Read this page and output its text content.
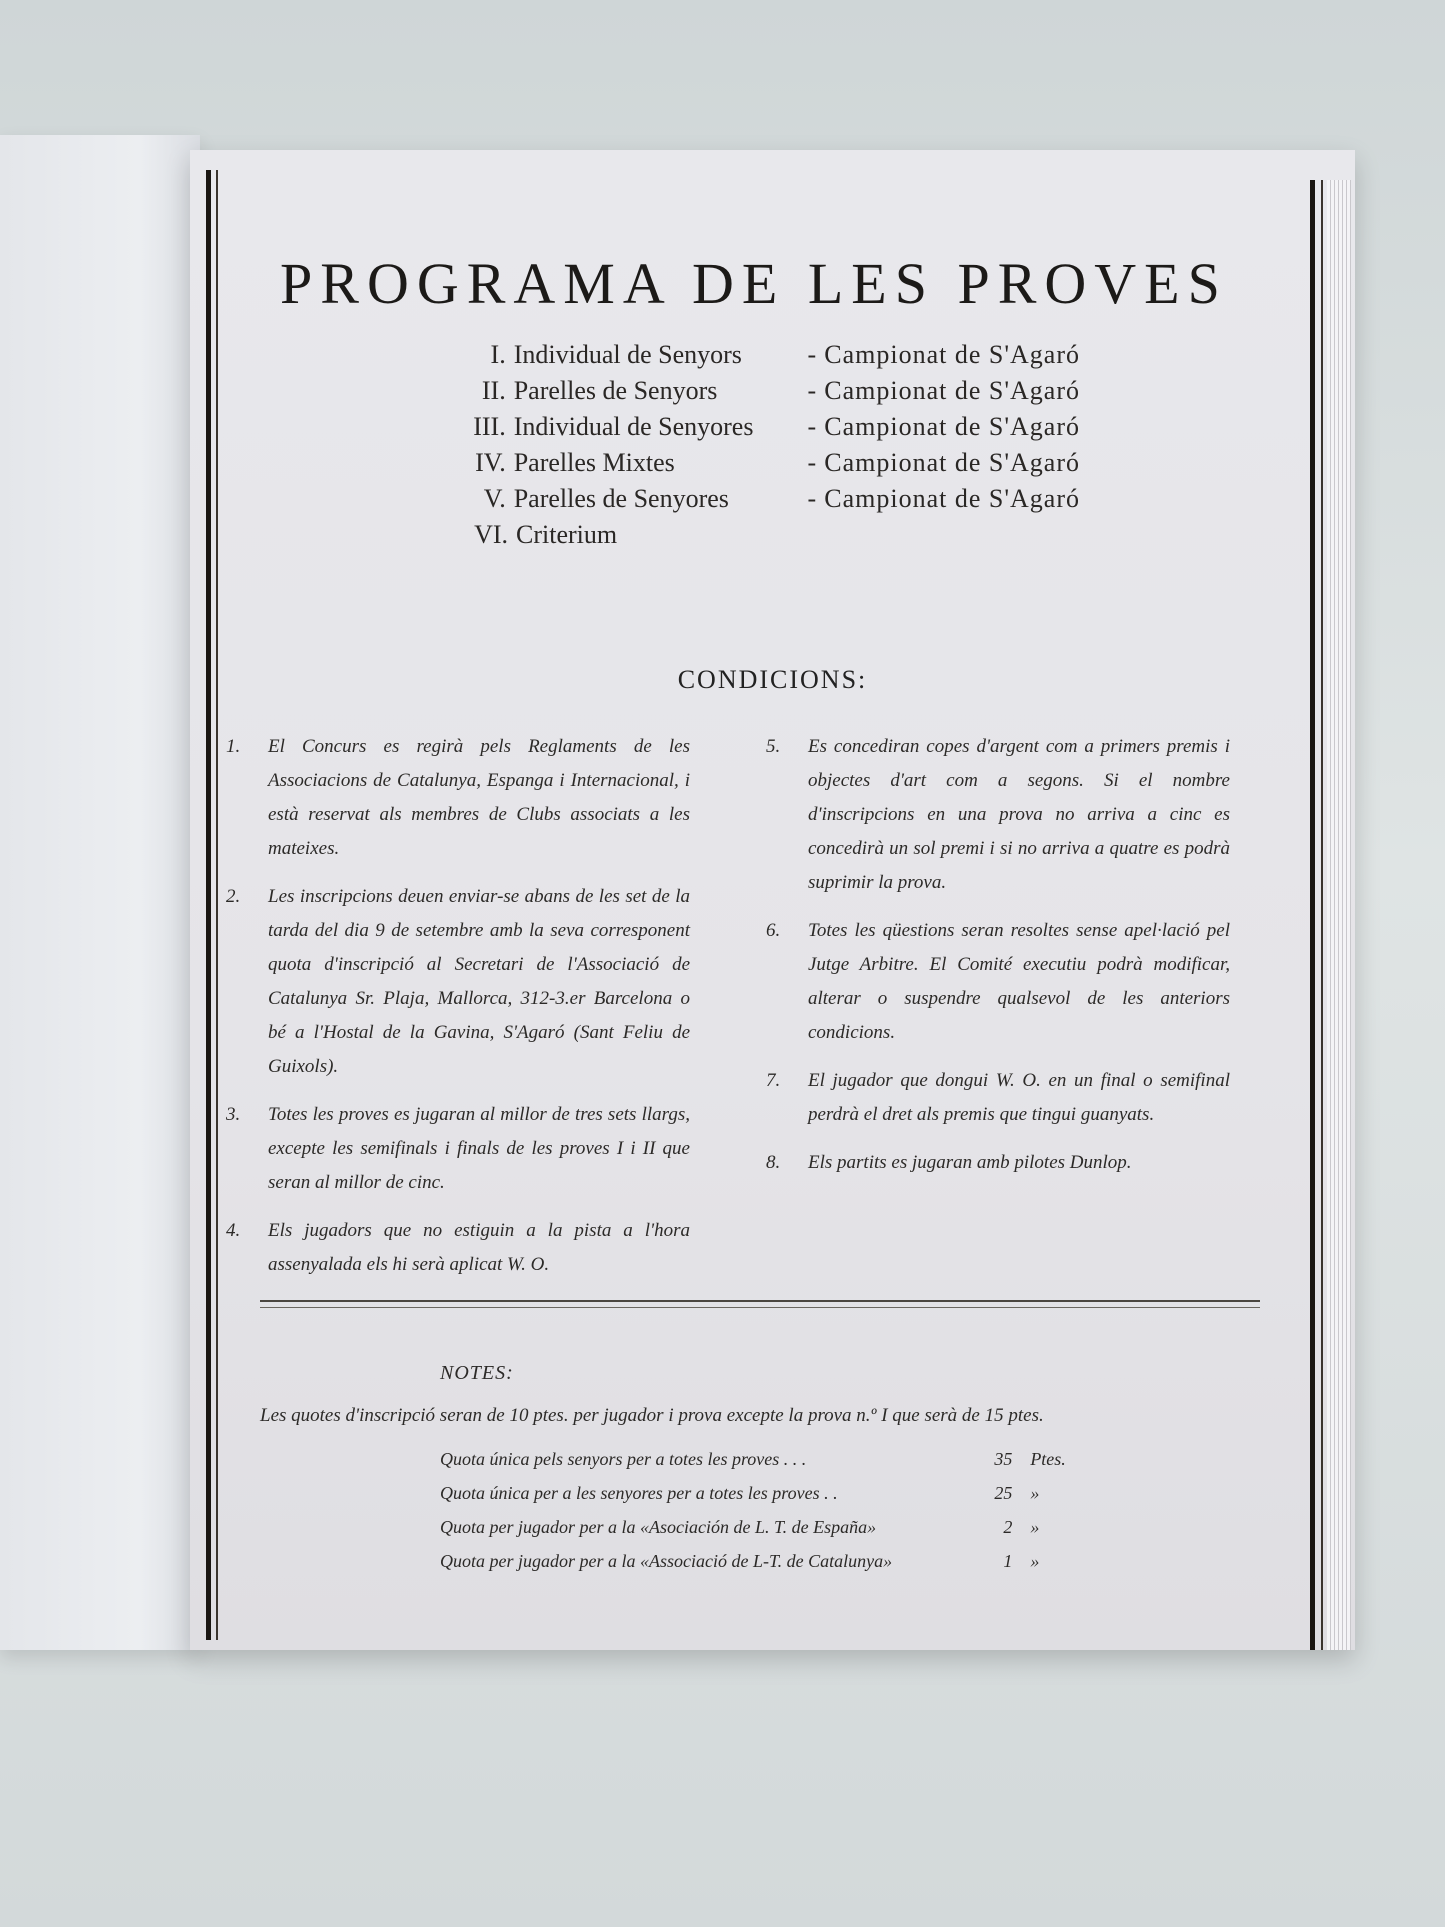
PROGRAMA DE LES PROVES
I. Individual de Senyors	- Campionat de S'Agaró
II. Parelles de Senyors	- Campionat de S'Agaró
III. Individual de Senyores	- Campionat de S'Agaró
IV. Parelles Mixtes	- Campionat de S'Agaró
V. Parelles de Senyores	- Campionat de S'Agaró
VI. Criterium
CONDICIONS:
1.	El Concurs es regirà pels Reglaments de les Associacions de Catalunya, Espanga i Internacional, i està reservat als membres de Clubs associats a les mateixes.
2.	Les inscripcions deuen enviar-se abans de les set de la tarda del dia 9 de setembre amb la seva corresponent quota d'inscripció al Secretari de l'Associació de Catalunya Sr. Plaja, Mallorca, 312-3.er Barcelona o bé a l'Hostal de la Gavina, S'Agaró (Sant Feliu de Guixols).
3.	Totes les proves es jugaran al millor de tres sets llargs, excepte les semifinals i finals de les proves I i II que seran al millor de cinc.
4.	Els jugadors que no estiguin a la pista a l'hora assenyalada els hi serà aplicat W. O.
5.	Es concediran copes d'argent com a primers premis i objectes d'art com a segons. Si el nombre d'inscripcions en una prova no arriva a cinc es concedirà un sol premi i si no arriva a quatre es podrà suprimir la prova.
6.	Totes les qüestions seran resoltes sense apel·lació pel Jutge Arbitre. El Comité executiu podrà modificar, alterar o suspendre qualsevol de les anteriors condicions.
7.	El jugador que dongui W. O. en un final o semifinal perdrà el dret als premis que tingui guanyats.
8.	Els partits es jugaran amb pilotes Dunlop.
NOTES:
Les quotes d'inscripció seran de 10 ptes. per jugador i prova excepte la prova n.º I que serà de 15 ptes.
Quota única pels senyors per a totes les proves . . .	35	Ptes.
Quota única per a les senyores per a totes les proves . .	25	»
Quota per jugador per a la «Asociación de L. T. de España»	2	»
Quota per jugador per a la «Associació de L-T. de Catalunya»	1	»
